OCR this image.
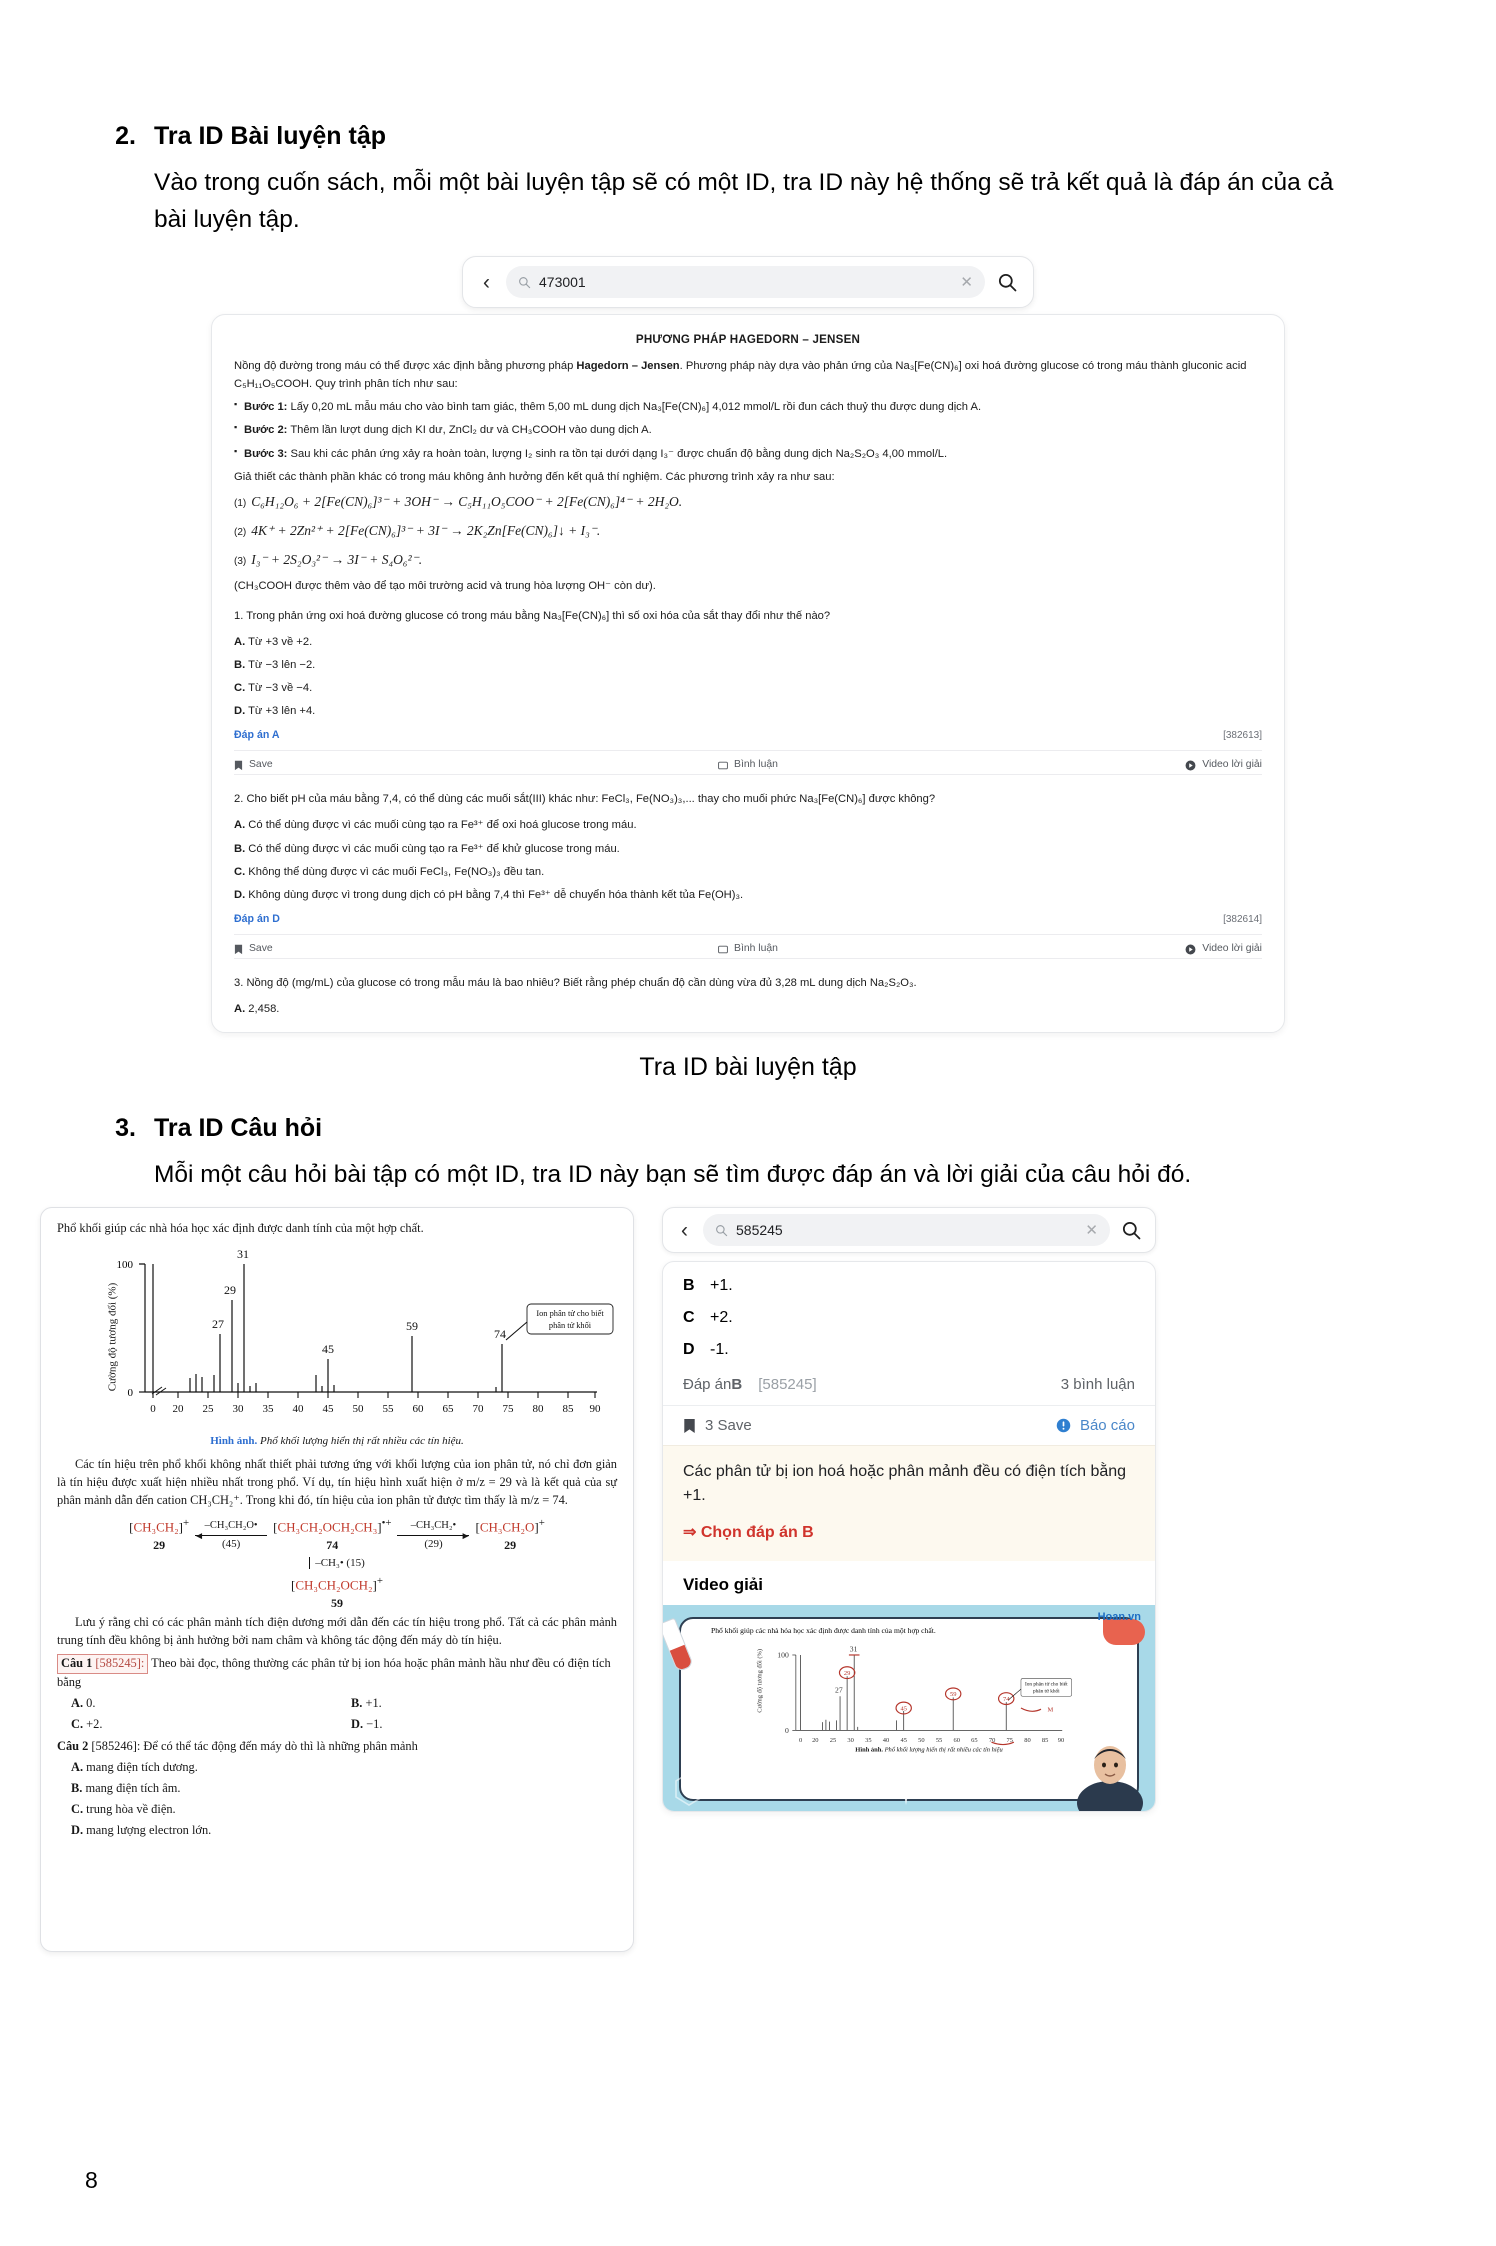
2. Tra ID Bài luyện tập

Vào trong cuốn sách, mỗi một bài luyện tập sẽ có một ID, tra ID này hệ thống sẽ trả kết quả là đáp án của cả bài luyện tập.

‹	473001	✕
PHƯƠNG PHÁP HAGEDORN – JENSEN

Nồng độ đường trong máu có thể được xác định bằng phương pháp Hagedorn – Jensen. Phương pháp này dựa vào phản ứng của Na₃[Fe(CN)₆] oxi hoá đường glucose có trong máu thành gluconic acid C₅H₁₁O₅COOH. Quy trình phân tích như sau:

▪ Bước 1: Lấy 0,20 mL mẫu máu cho vào bình tam giác, thêm 5,00 mL dung dịch Na₃[Fe(CN)₆] 4,012 mmol/L rồi đun cách thuỷ thu được dung dịch A.

▪ Bước 2: Thêm lần lượt dung dịch KI dư, ZnCl₂ dư và CH₃COOH vào dung dịch A.

▪ Bước 3: Sau khi các phản ứng xảy ra hoàn toàn, lượng I₂ sinh ra tồn tại dưới dạng I₃⁻ được chuẩn độ bằng dung dịch Na₂S₂O₃ 4,00 mmol/L.

Giả thiết các thành phần khác có trong máu không ảnh hưởng đến kết quả thí nghiệm. Các phương trình xảy ra như sau:

(1) C₆H₁₂O₆ + 2[Fe(CN)₆]³⁻ + 3OH⁻ → C₅H₁₁O₅COO⁻ + 2[Fe(CN)₆]⁴⁻ + 2H₂O.
(2) 4K⁺ + 2Zn²⁺ + 2[Fe(CN)₆]³⁻ + 3I⁻ → 2K₂Zn[Fe(CN)₆]↓ + I₃⁻.
(3) I₃⁻ + 2S₂O₃²⁻ → 3I⁻ + S₄O₆²⁻.

(CH₃COOH được thêm vào để tạo môi trường acid và trung hòa lượng OH⁻ còn dư).

1. Trong phản ứng oxi hoá đường glucose có trong máu bằng Na₃[Fe(CN)₆] thì số oxi hóa của sắt thay đổi như thế nào?

A. Từ +3 về +2.

B. Từ −3 lên −2.

C. Từ −3 về −4.

D. Từ +3 lên +4.

Đáp án A	[382613]
Save	Bình luận	Video lời giải

2. Cho biết pH của máu bằng 7,4, có thể dùng các muối sắt(III) khác như: FeCl₃, Fe(NO₃)₃,... thay cho muối phức Na₃[Fe(CN)₆] được không?

A. Có thể dùng được vì các muối cùng tạo ra Fe³⁺ để oxi hoá glucose trong máu.

B. Có thể dùng được vì các muối cùng tạo ra Fe³⁺ để khử glucose trong máu.

C. Không thể dùng được vì các muối FeCl₃, Fe(NO₃)₃ đều tan.

D. Không dùng được vì trong dung dịch có pH bằng 7,4 thì Fe³⁺ dễ chuyển hóa thành kết tủa Fe(OH)₃.

Đáp án D	[382614]
Save	Bình luận	Video lời giải

3. Nồng độ (mg/mL) của glucose có trong mẫu máu là bao nhiêu? Biết rằng phép chuẩn độ cần dùng vừa đủ 3,28 mL dung dịch Na₂S₂O₃.

A. 2,458.

Tra ID bài luyện tập
3. Tra ID Câu hỏi

Mỗi một câu hỏi bài tập có một ID, tra ID này bạn sẽ tìm được đáp án và lời giải của câu hỏi đó.

Phổ khối giúp các nhà hóa học xác định được danh tính của một hợp chất.

Cường độ tương đối (%)
100
0
0 20 25 30 35 40 45 50 55 60 65 70 75 80 85 90
27
29
31
45
59
74
Ion phân tử cho biết
phân tử khối

Hình ảnh. Phổ khối lượng hiển thị rất nhiều các tín hiệu.

Các tín hiệu trên phổ khối không nhất thiết phải tương ứng với khối lượng của ion phân tử, nó chỉ đơn giản là tín hiệu được xuất hiện nhiều nhất trong phổ. Ví dụ, tín hiệu hình xuất hiện ở m/z = 29 và là kết quả của sự phân mảnh dẫn đến cation CH₃CH₂⁺. Trong khi đó, tín hiệu của ion phân tử được tìm thấy là m/z = 74.

[CH₃CH₂]+
29
–CH₃CH₂O•
◄
(45)
[CH₃CH₂OCH₂CH₃]•+
74
–CH₃CH₂•
►
(29)
[CH₃CH₂O]+
29
–CH₃• (15)
[CH₃CH₂OCH₂]+
59

Lưu ý rằng chỉ có các phân mảnh tích điện dương mới dẫn đến các tín hiệu trong phổ. Tất cả các phân mảnh trung tính đều không bị ảnh hưởng bởi nam châm và không tác động đến máy dò tín hiệu.

Câu 1 [585245]: Theo bài đọc, thông thường các phân tử bị ion hóa hoặc phân mảnh hầu như đều có điện tích bằng

A. 0.	B. +1.
C. +2.	D. −1.

Câu 2 [585246]: Để có thể tác động đến máy dò thì là những phân mảnh

A. mang điện tích dương.

B. mang điện tích âm.

C. trung hòa về điện.

D. mang lượng electron lớn.

‹	585245	✕
B +1.
C +2.
D -1.
Đáp án B [585245]	3 bình luận
3 Save	Báo cáo
Các phân tử bị ion hoá hoặc phân mảnh đều có điện tích bằng +1.
⇒ Chọn đáp án B
Video giải
Hoan.vn
Phổ khối giúp các nhà hóa học xác định được danh tính của một hợp chất.
100
0
Cường độ tương đối (%)	27
31
29
45
59
74
M
Ion phân tử cho biết
phân tử khối
0 20 25 30 35 40 45 50 55 60 65 70 75 80 85 90
Hình ảnh. Phổ khối lượng hiển thị rất nhiều các tín hiệu
8
